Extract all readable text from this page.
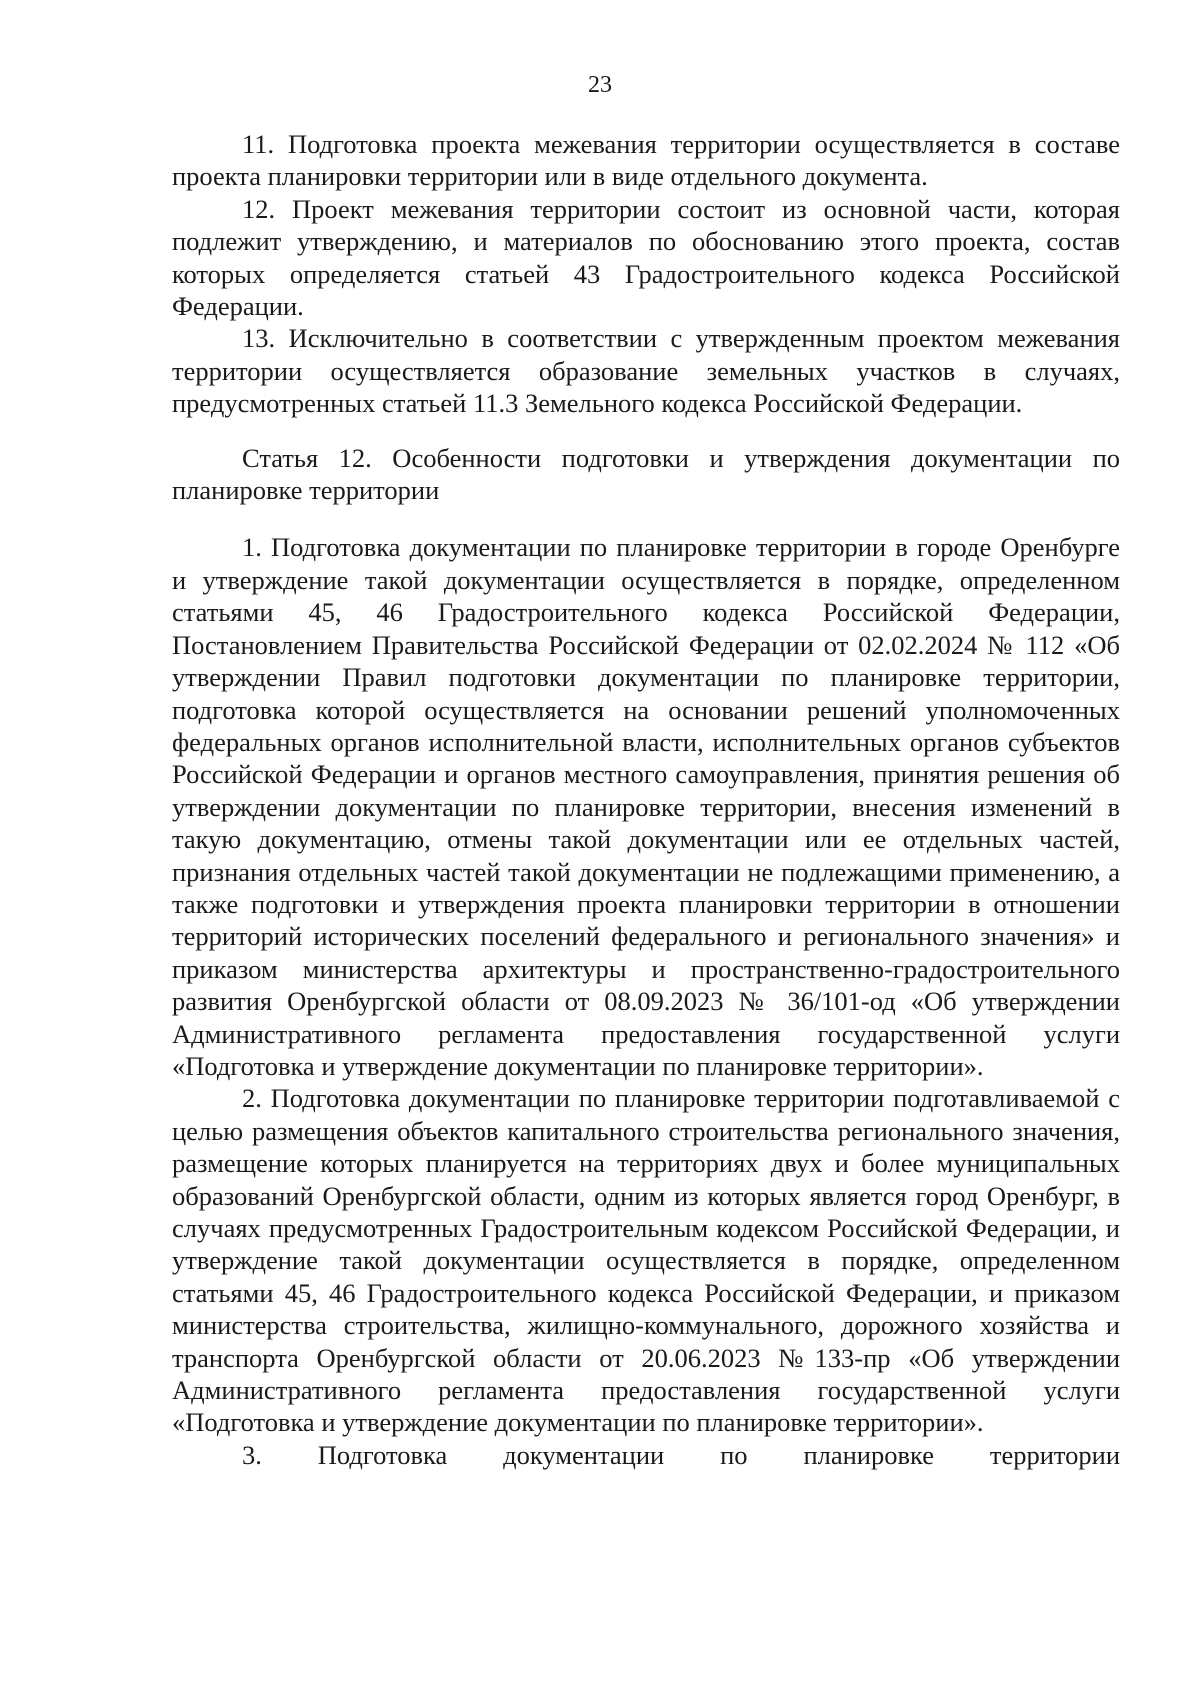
23

11. Подготовка проекта межевания территории осуществляется в составе проекта планировки территории или в виде отдельного документа.

12. Проект межевания территории состоит из основной части, которая подлежит утверждению, и материалов по обоснованию этого проекта, состав которых определяется статьей 43 Градостроительного кодекса Российской Федерации.

13. Исключительно в соответствии с утвержденным проектом межевания территории осуществляется образование земельных участков в случаях, предусмотренных статьей 11.3 Земельного кодекса Российской Федерации.

Статья 12. Особенности подготовки и утверждения документации по планировке территории

1. Подготовка документации по планировке территории в городе Оренбурге и утверждение такой документации осуществляется в порядке, определенном статьями 45, 46 Градостроительного кодекса Российской Федерации, Постановлением Правительства Российской Федерации от 02.02.2024 № 112 «Об утверждении Правил подготовки документации по планировке территории, подготовка которой осуществляется на основании решений уполномоченных федеральных органов исполнительной власти, исполнительных органов субъектов Российской Федерации и органов местного самоуправления, принятия решения об утверждении документации по планировке территории, внесения изменений в такую документацию, отмены такой документации или ее отдельных частей, признания отдельных частей такой документации не подлежащими применению, а также подготовки и утверждения проекта планировки территории в отношении территорий исторических поселений федерального и регионального значения» и приказом министерства архитектуры и пространственно-градостроительного развития Оренбургской области от 08.09.2023 № 36/101-од «Об утверждении Административного регламента предоставления государственной услуги «Подготовка и утверждение документации по планировке территории».

2. Подготовка документации по планировке территории подготавливаемой с целью размещения объектов капитального строительства регионального значения, размещение которых планируется на территориях двух и более муниципальных образований Оренбургской области, одним из которых является город Оренбург, в случаях предусмотренных Градостроительным кодексом Российской Федерации, и утверждение такой документации осуществляется в порядке, определенном статьями 45, 46 Градостроительного кодекса Российской Федерации, и приказом министерства строительства, жилищно-коммунального, дорожного хозяйства и транспорта Оренбургской области от 20.06.2023 №133-пр «Об утверждении Административного регламента предоставления государственной услуги «Подготовка и утверждение документации по планировке территории».

3. Подготовка документации по планировке территории
